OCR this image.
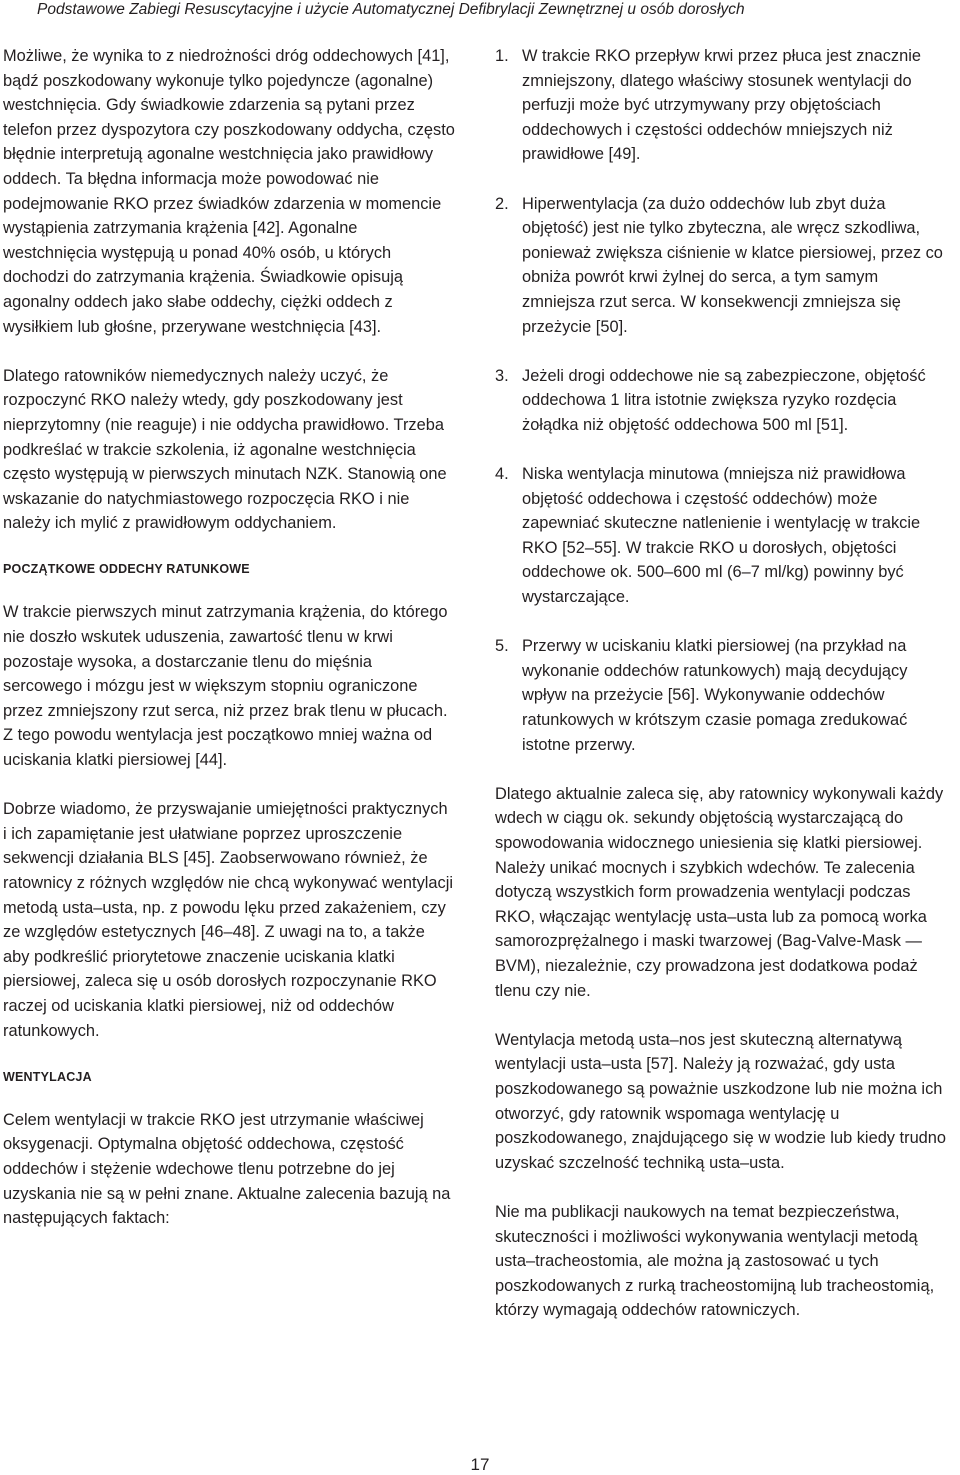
Podstawowe Zabiegi Resuscytacyjne i użycie Automatycznej Defibrylacji Zewnętrznej u osób dorosłych

Możliwe, że wynika to z niedrożności dróg oddechowych [41], bądź poszkodowany wykonuje tylko pojedyncze (agonalne) westchnięcia. Gdy świadkowie zdarzenia są pytani przez telefon przez dyspozytora czy poszkodowany oddycha, często błędnie interpretują agonalne westchnięcia jako prawidłowy oddech. Ta błędna informacja może powodować nie podejmowanie RKO przez świadków zdarzenia w momencie wystąpienia zatrzymania krążenia [42]. Agonalne westchnięcia występują u ponad 40% osób, u których dochodzi do zatrzymania krążenia. Świadkowie opisują agonalny oddech jako słabe oddechy, ciężki oddech z wysiłkiem lub głośne, przerywane westchnięcia [43].

Dlatego ratowników niemedycznych należy uczyć, że rozpoczynć RKO należy wtedy, gdy poszkodowany jest nieprzytomny (nie reaguje) i nie oddycha prawidłowo. Trzeba podkreślać w trakcie szkolenia, iż agonalne westchnięcia często występują w pierwszych minutach NZK. Stanowią one wskazanie do natychmiastowego rozpoczęcia RKO i nie należy ich mylić z prawidłowym oddychaniem.

POCZĄTKOWE ODDECHY RATUNKOWE

W trakcie pierwszych minut zatrzymania krążenia, do którego nie doszło wskutek uduszenia, zawartość tlenu w krwi pozostaje wysoka, a dostarczanie tlenu do mięśnia sercowego i mózgu jest w większym stopniu ograniczone przez zmniejszony rzut serca, niż przez brak tlenu w płucach. Z tego powodu wentylacja jest początkowo mniej ważna od uciskania klatki piersiowej [44].

Dobrze wiadomo, że przyswajanie umiejętności praktycznych i ich zapamiętanie jest ułatwiane poprzez uproszczenie sekwencji działania BLS [45]. Zaobserwowano również, że ratownicy z różnych względów nie chcą wykonywać wentylacji metodą usta–usta, np. z powodu lęku przed zakażeniem, czy ze względów estetycznych [46–48]. Z uwagi na to, a także aby podkreślić priorytetowe znaczenie uciskania klatki piersiowej, zaleca się u osób dorosłych rozpoczynanie RKO raczej od uciskania klatki piersiowej, niż od oddechów ratunkowych.

WENTYLACJA

Celem wentylacji w trakcie RKO jest utrzymanie właściwej oksygenacji. Optymalna objętość oddechowa, częstość oddechów i stężenie wdechowe tlenu potrzebne do jej uzyskania nie są w pełni znane. Aktualne zalecenia bazują na następujących faktach:

1. W trakcie RKO przepływ krwi przez płuca jest znacznie zmniejszony, dlatego właściwy stosunek wentylacji do perfuzji może być utrzymywany przy objętościach oddechowych i częstości oddechów mniejszych niż prawidłowe [49].
2. Hiperwentylacja (za dużo oddechów lub zbyt duża objętość) jest nie tylko zbyteczna, ale wręcz szkodliwa, ponieważ zwiększa ciśnienie w klatce piersiowej, przez co obniża powrót krwi żylnej do serca, a tym samym zmniejsza rzut serca. W konsekwencji zmniejsza się przeżycie [50].
3. Jeżeli drogi oddechowe nie są zabezpieczone, objętość oddechowa 1 litra istotnie zwiększa ryzyko rozdęcia żołądka niż objętość oddechowa 500 ml [51].
4. Niska wentylacja minutowa (mniejsza niż prawidłowa objętość oddechowa i częstość oddechów) może zapewniać skuteczne natlenienie i wentylację w trakcie RKO [52–55]. W trakcie RKO u dorosłych, objętości oddechowe ok. 500–600 ml (6–7 ml/kg) powinny być wystarczające.
5. Przerwy w uciskaniu klatki piersiowej (na przykład na wykonanie oddechów ratunkowych) mają decydujący wpływ na przeżycie [56]. Wykonywanie oddechów ratunkowych w krótszym czasie pomaga zredukować istotne przerwy.

Dlatego aktualnie zaleca się, aby ratownicy wykonywali każdy wdech w ciągu ok. sekundy objętością wystarczającą do spowodowania widocznego uniesienia się klatki piersiowej. Należy unikać mocnych i szybkich wdechów. Te zalecenia dotyczą wszystkich form prowadzenia wentylacji podczas RKO, włączając wentylację usta–usta lub za pomocą worka samorozprężalnego i maski twarzowej (Bag-Valve-Mask — BVM), niezależnie, czy prowadzona jest dodatkowa podaż tlenu czy nie.

Wentylacja metodą usta–nos jest skuteczną alternatywą wentylacji usta–usta [57]. Należy ją rozważać, gdy usta poszkodowanego są poważnie uszkodzone lub nie można ich otworzyć, gdy ratownik wspomaga wentylację u poszkodowanego, znajdującego się w wodzie lub kiedy trudno uzyskać szczelność techniką usta–usta.

Nie ma publikacji naukowych na temat bezpieczeństwa, skuteczności i możliwości wykonywania wentylacji metodą usta–tracheostomia, ale można ją zastosować u tych poszkodowanych z rurką tracheostomijną lub tracheostomią, którzy wymagają oddechów ratowniczych.

17
